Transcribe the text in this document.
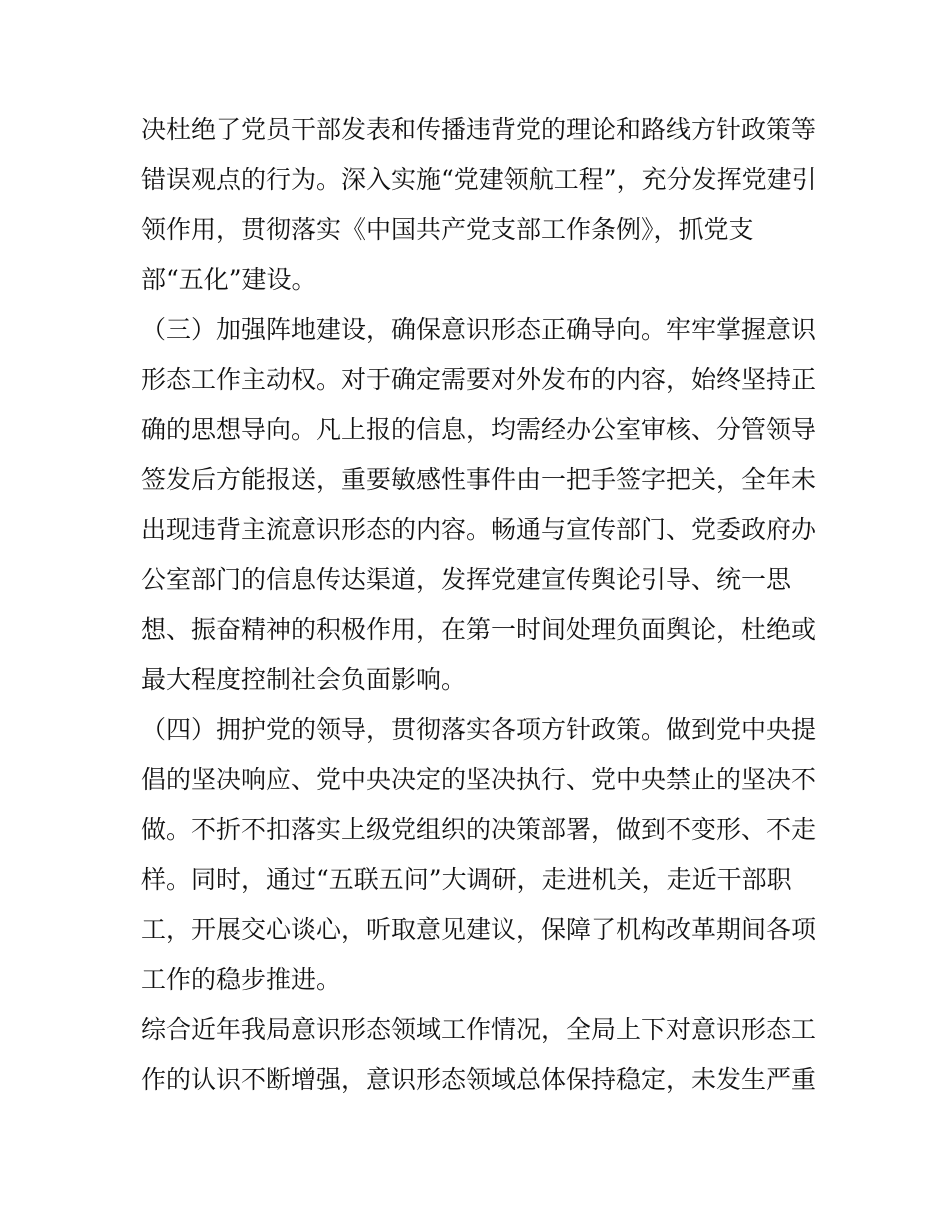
决杜绝了党员干部发表和传播违背党的理论和路线方针政策等
错误观点的行为。深入实施“党建领航工程”，充分发挥党建引
领作用，贯彻落实《中国共产党支部工作条例》，抓党支
部“五化”建设。
（三）加强阵地建设，确保意识形态正确导向。牢牢掌握意识
形态工作主动权。对于确定需要对外发布的内容，始终坚持正
确的思想导向。凡上报的信息，均需经办公室审核、分管领导
签发后方能报送，重要敏感性事件由一把手签字把关，全年未
出现违背主流意识形态的内容。畅通与宣传部门、党委政府办
公室部门的信息传达渠道，发挥党建宣传舆论引导、统一思
想、振奋精神的积极作用，在第一时间处理负面舆论，杜绝或
最大程度控制社会负面影响。
（四）拥护党的领导，贯彻落实各项方针政策。做到党中央提
倡的坚决响应、党中央决定的坚决执行、党中央禁止的坚决不
做。不折不扣落实上级党组织的决策部署，做到不变形、不走
样。同时，通过“五联五问”大调研，走进机关，走近干部职
工，开展交心谈心，听取意见建议，保障了机构改革期间各项
工作的稳步推进。
综合近年我局意识形态领域工作情况，全局上下对意识形态工
作的认识不断增强，意识形态领域总体保持稳定，未发生严重
